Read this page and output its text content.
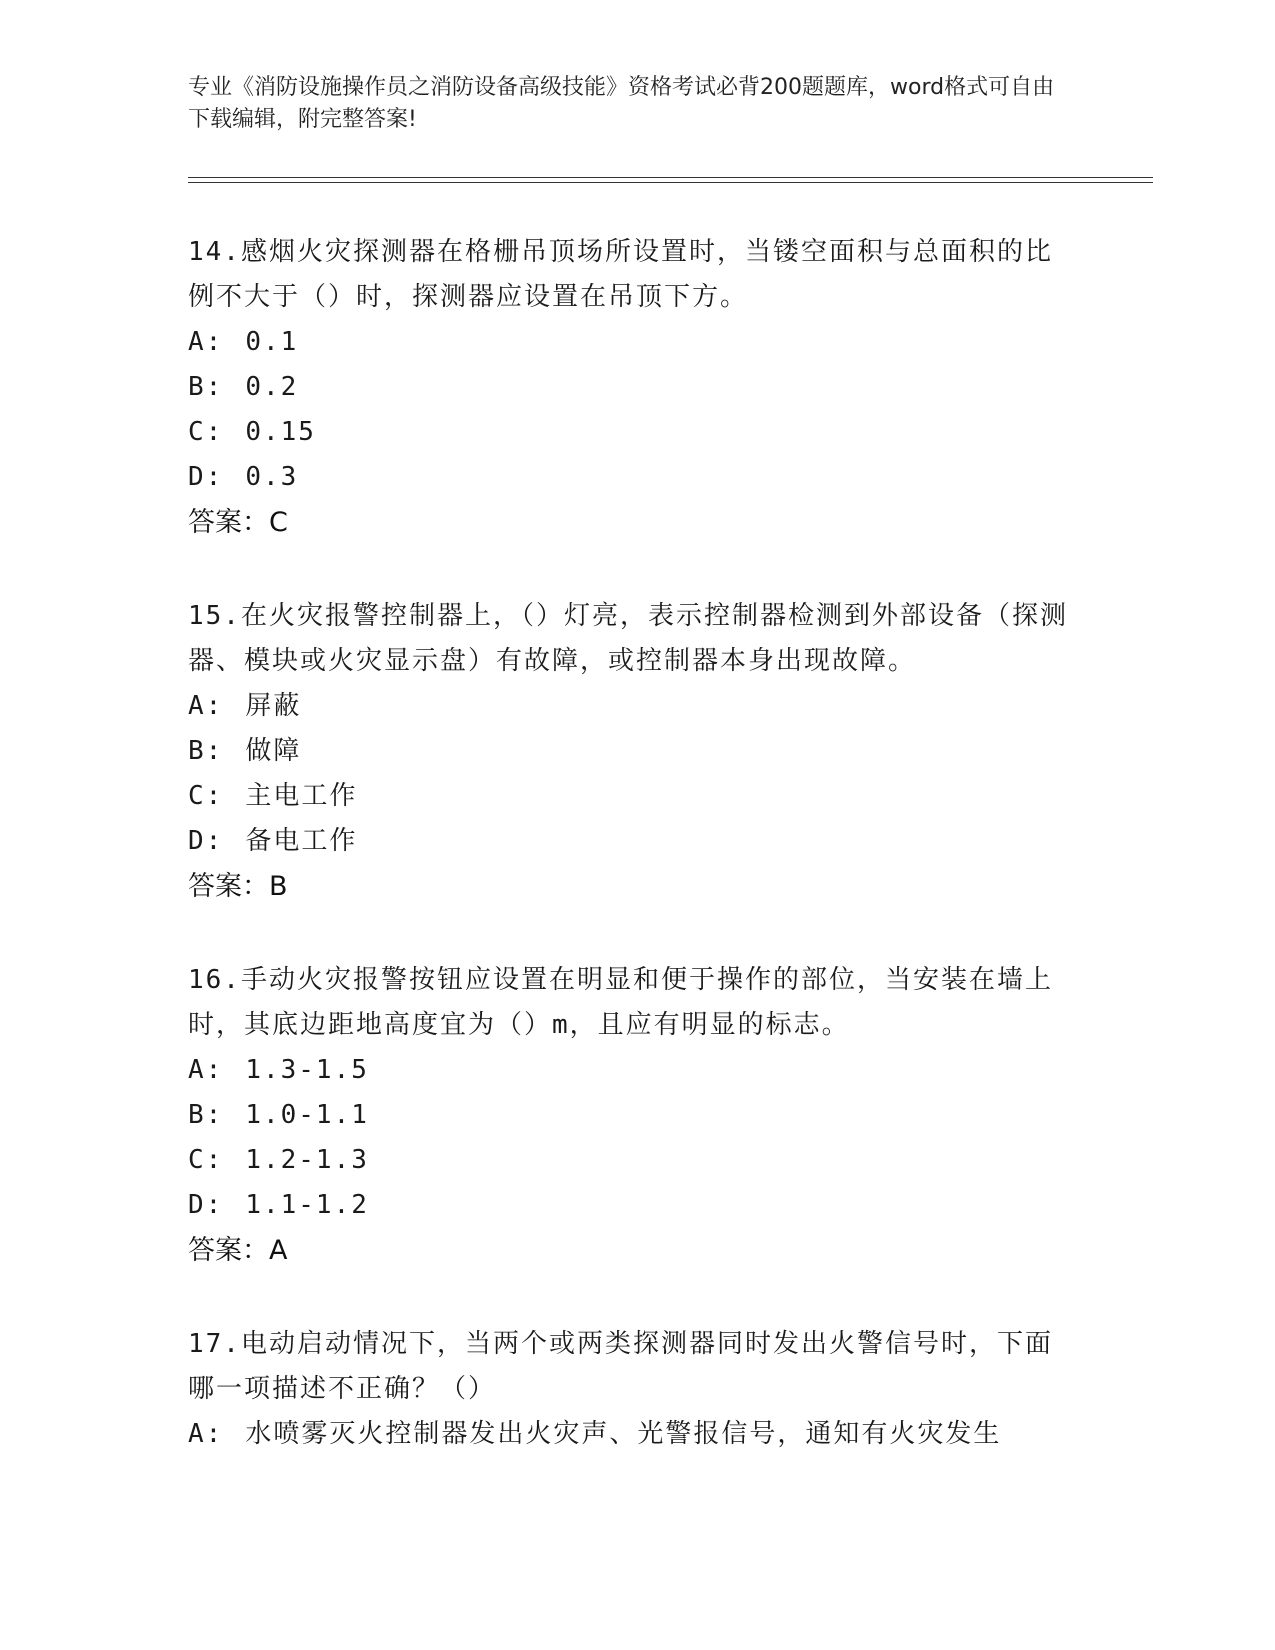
专业《消防设施操作员之消防设备高级技能》资格考试必背200题题库，word格式可自由下载编辑，附完整答案!

14.感烟火灾探测器在格栅吊顶场所设置时，当镂空面积与总面积的比例不大于（）时，探测器应设置在吊顶下方。

A: 0.1
B: 0.2
C: 0.15
D: 0.3
答案：C

15.在火灾报警控制器上，（）灯亮，表示控制器检测到外部设备（探测器、模块或火灾显示盘）有故障，或控制器本身出现故障。

A: 屏蔽
B: 做障
C: 主电工作
D: 备电工作
答案：B

16.手动火灾报警按钮应设置在明显和便于操作的部位，当安装在墙上时，其底边距地高度宜为（）m，且应有明显的标志。

A: 1.3-1.5
B: 1.0-1.1
C: 1.2-1.3
D: 1.1-1.2
答案：A

17.电动启动情况下，当两个或两类探测器同时发出火警信号时，下面哪一项描述不正确？（）

A: 水喷雾灭火控制器发出火灾声、光警报信号，通知有火灾发生
